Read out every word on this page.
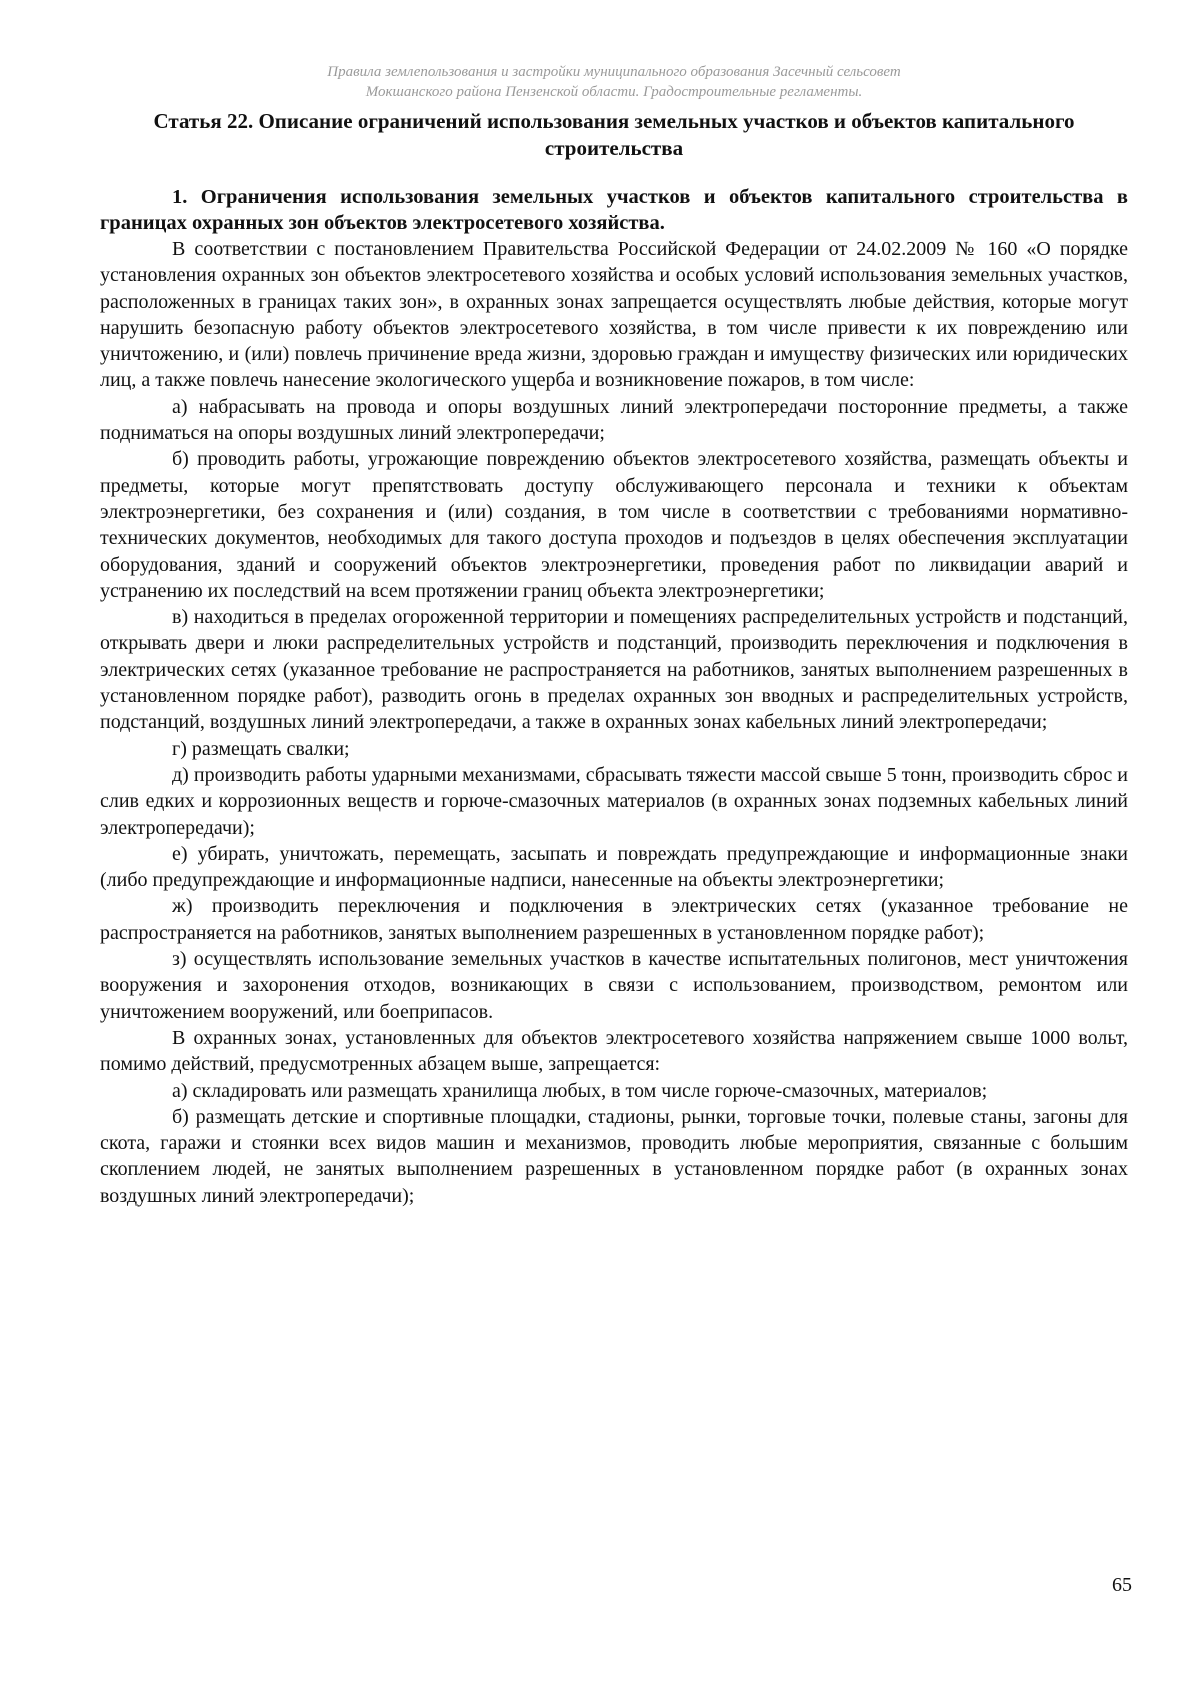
Правила землепользования и застройки муниципального образования Засечный сельсовет
Мокшанского района Пензенской области. Градостроительные регламенты.
Статья 22. Описание ограничений использования земельных участков и объектов капитального строительства

1. Ограничения использования земельных участков и объектов капитального строительства в границах охранных зон объектов электросетевого хозяйства.

В соответствии с постановлением Правительства Российской Федерации от 24.02.2009 № 160 «О порядке установления охранных зон объектов электросетевого хозяйства и особых условий использования земельных участков, расположенных в границах таких зон», в охранных зонах запрещается осуществлять любые действия, которые могут нарушить безопасную работу объектов электросетевого хозяйства, в том числе привести к их повреждению или уничтожению, и (или) повлечь причинение вреда жизни, здоровью граждан и имуществу физических или юридических лиц, а также повлечь нанесение экологического ущерба и возникновение пожаров, в том числе:

а) набрасывать на провода и опоры воздушных линий электропередачи посторонние предметы, а также подниматься на опоры воздушных линий электропередачи;

б) проводить работы, угрожающие повреждению объектов электросетевого хозяйства, размещать объекты и предметы, которые могут препятствовать доступу обслуживающего персонала и техники к объектам электроэнергетики, без сохранения и (или) создания, в том числе в соответствии с требованиями нормативно-технических документов, необходимых для такого доступа проходов и подъездов в целях обеспечения эксплуатации оборудования, зданий и сооружений объектов электроэнергетики, проведения работ по ликвидации аварий и устранению их последствий на всем протяжении границ объекта электроэнергетики;

в) находиться в пределах огороженной территории и помещениях распределительных устройств и подстанций, открывать двери и люки распределительных устройств и подстанций, производить переключения и подключения в электрических сетях (указанное требование не распространяется на работников, занятых выполнением разрешенных в установленном порядке работ), разводить огонь в пределах охранных зон вводных и распределительных устройств, подстанций, воздушных линий электропередачи, а также в охранных зонах кабельных линий электропередачи;

г) размещать свалки;

д) производить работы ударными механизмами, сбрасывать тяжести массой свыше 5 тонн, производить сброс и слив едких и коррозионных веществ и горюче-смазочных материалов (в охранных зонах подземных кабельных линий электропередачи);

е) убирать, уничтожать, перемещать, засыпать и повреждать предупреждающие и информационные знаки (либо предупреждающие и информационные надписи, нанесенные на объекты электроэнергетики;

ж) производить переключения и подключения в электрических сетях (указанное требование не распространяется на работников, занятых выполнением разрешенных в установленном порядке работ);

з) осуществлять использование земельных участков в качестве испытательных полигонов, мест уничтожения вооружения и захоронения отходов, возникающих в связи с использованием, производством, ремонтом или уничтожением вооружений, или боеприпасов.

В охранных зонах, установленных для объектов электросетевого хозяйства напряжением свыше 1000 вольт, помимо действий, предусмотренных абзацем выше, запрещается:

а) складировать или размещать хранилища любых, в том числе горюче-смазочных, материалов;

б) размещать детские и спортивные площадки, стадионы, рынки, торговые точки, полевые станы, загоны для скота, гаражи и стоянки всех видов машин и механизмов, проводить любые мероприятия, связанные с большим скоплением людей, не занятых выполнением разрешенных в установленном порядке работ (в охранных зонах воздушных линий электропередачи);

65
